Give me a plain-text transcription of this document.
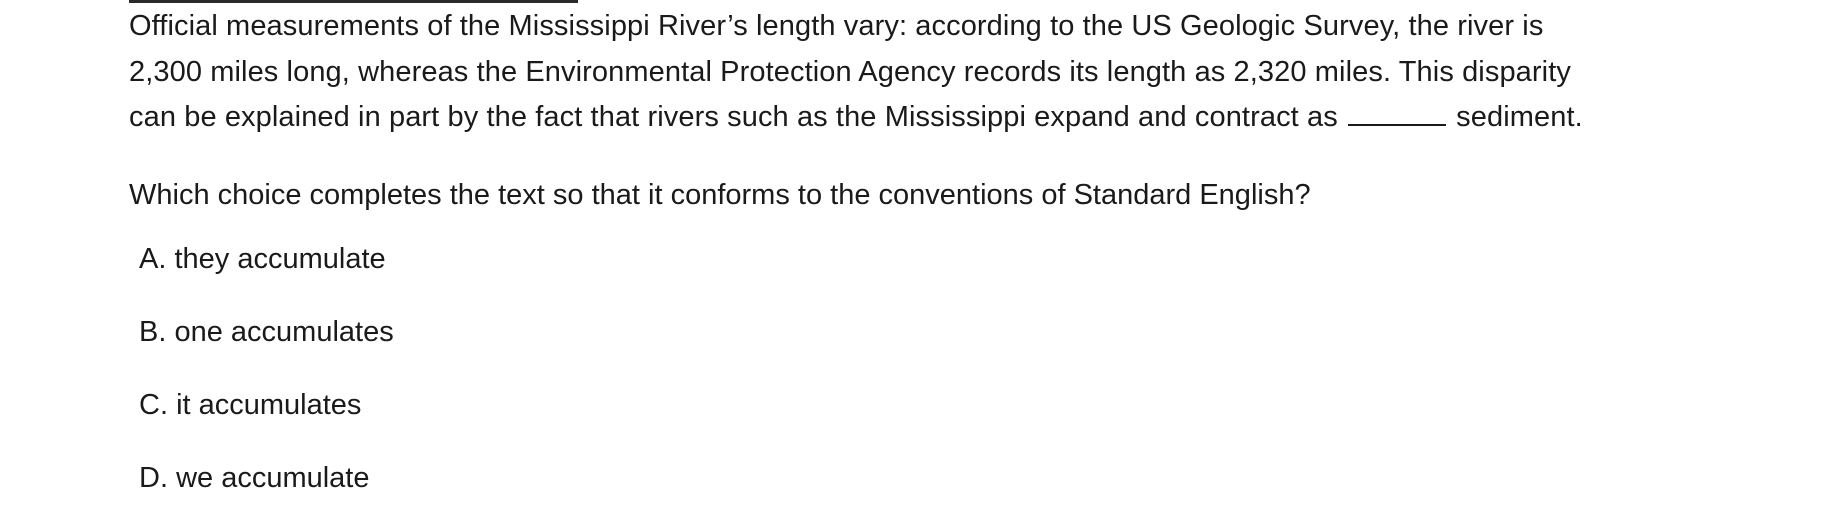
Official measurements of the Mississippi River’s length vary: according to the US Geologic Survey, the river is
2,300 miles long, whereas the Environmental Protection Agency records its length as 2,320 miles. This disparity
can be explained in part by the fact that rivers such as the Mississippi expand and contract as	sediment.

Which choice completes the text so that it conforms to the conventions of Standard English?

A. they accumulate
B. one accumulates
C. it accumulates
D. we accumulate
